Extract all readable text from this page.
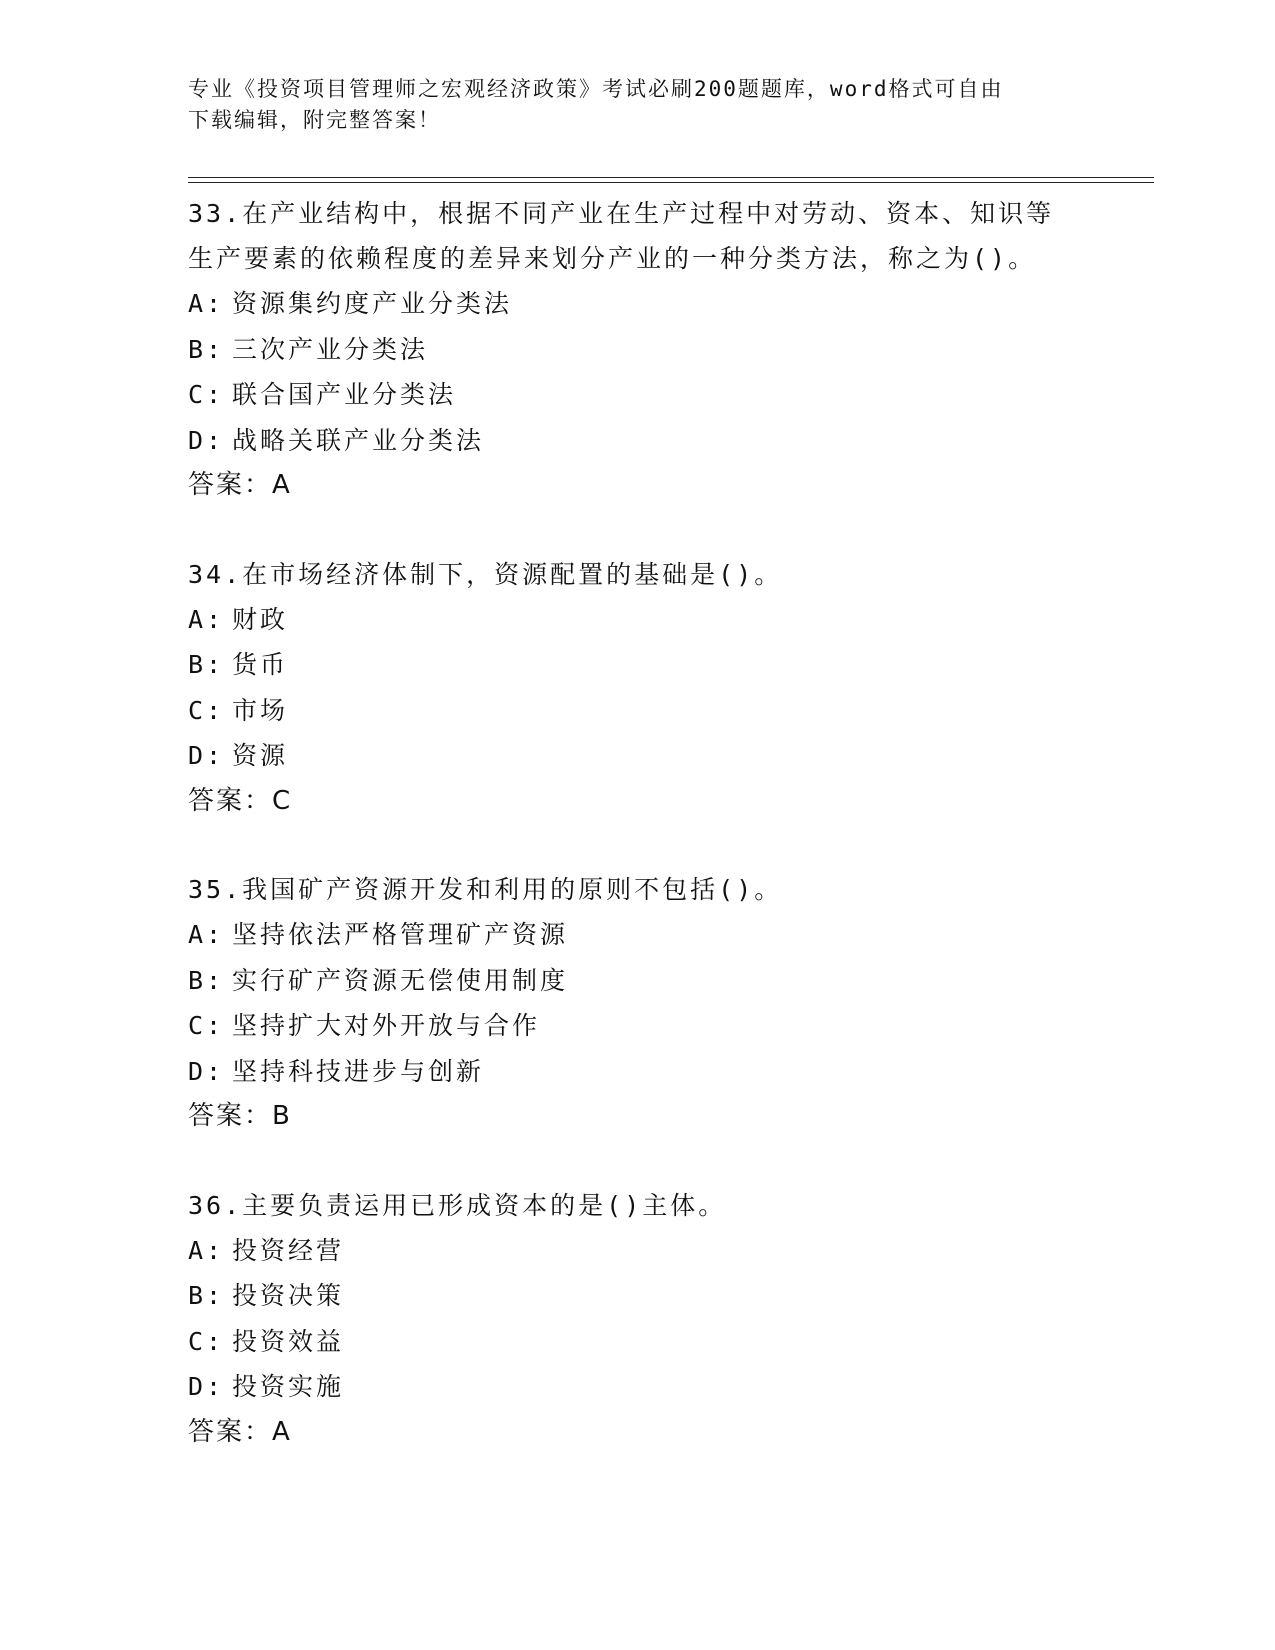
专业《投资项目管理师之宏观经济政策》考试必刷200题题库，word格式可自由
下载编辑，附完整答案！
33.在产业结构中，根据不同产业在生产过程中对劳动、资本、知识等
生产要素的依赖程度的差异来划分产业的一种分类方法，称之为()。
A: 资源集约度产业分类法
B: 三次产业分类法
C: 联合国产业分类法
D: 战略关联产业分类法
答案：A
34.在市场经济体制下，资源配置的基础是()。
A: 财政
B: 货币
C: 市场
D: 资源
答案：C
35.我国矿产资源开发和利用的原则不包括()。
A: 坚持依法严格管理矿产资源
B: 实行矿产资源无偿使用制度
C: 坚持扩大对外开放与合作
D: 坚持科技进步与创新
答案：B
36.主要负责运用已形成资本的是()主体。
A: 投资经营
B: 投资决策
C: 投资效益
D: 投资实施
答案：A
